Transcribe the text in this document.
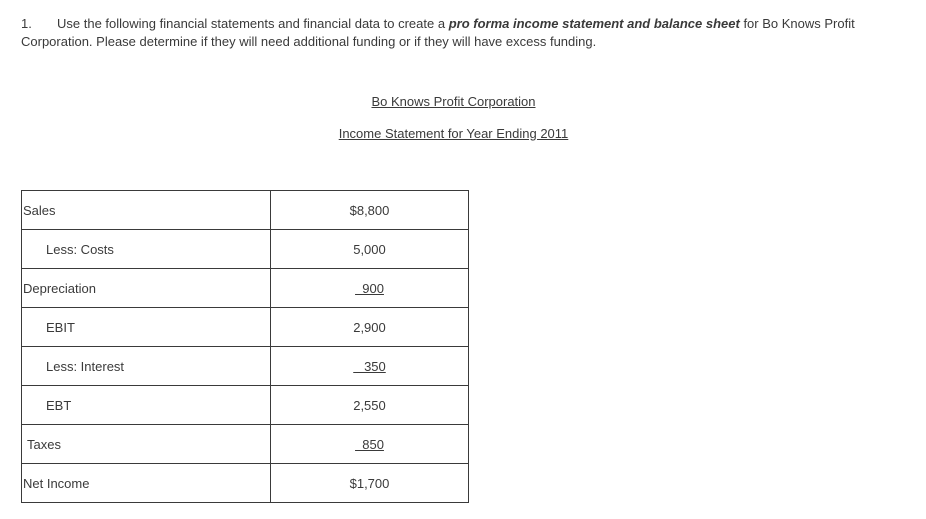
1. Use the following financial statements and financial data to create a pro forma income statement and balance sheet for Bo Knows Profit Corporation. Please determine if they will need additional funding or if they will have excess funding.
Bo Knows Profit Corporation
Income Statement for Year Ending 2011
Sales	$8,800
Less: Costs	5,000
Depreciation	900
EBIT	2,900
Less: Interest	350
EBT	2,550
Taxes	850
Net Income	$1,700
